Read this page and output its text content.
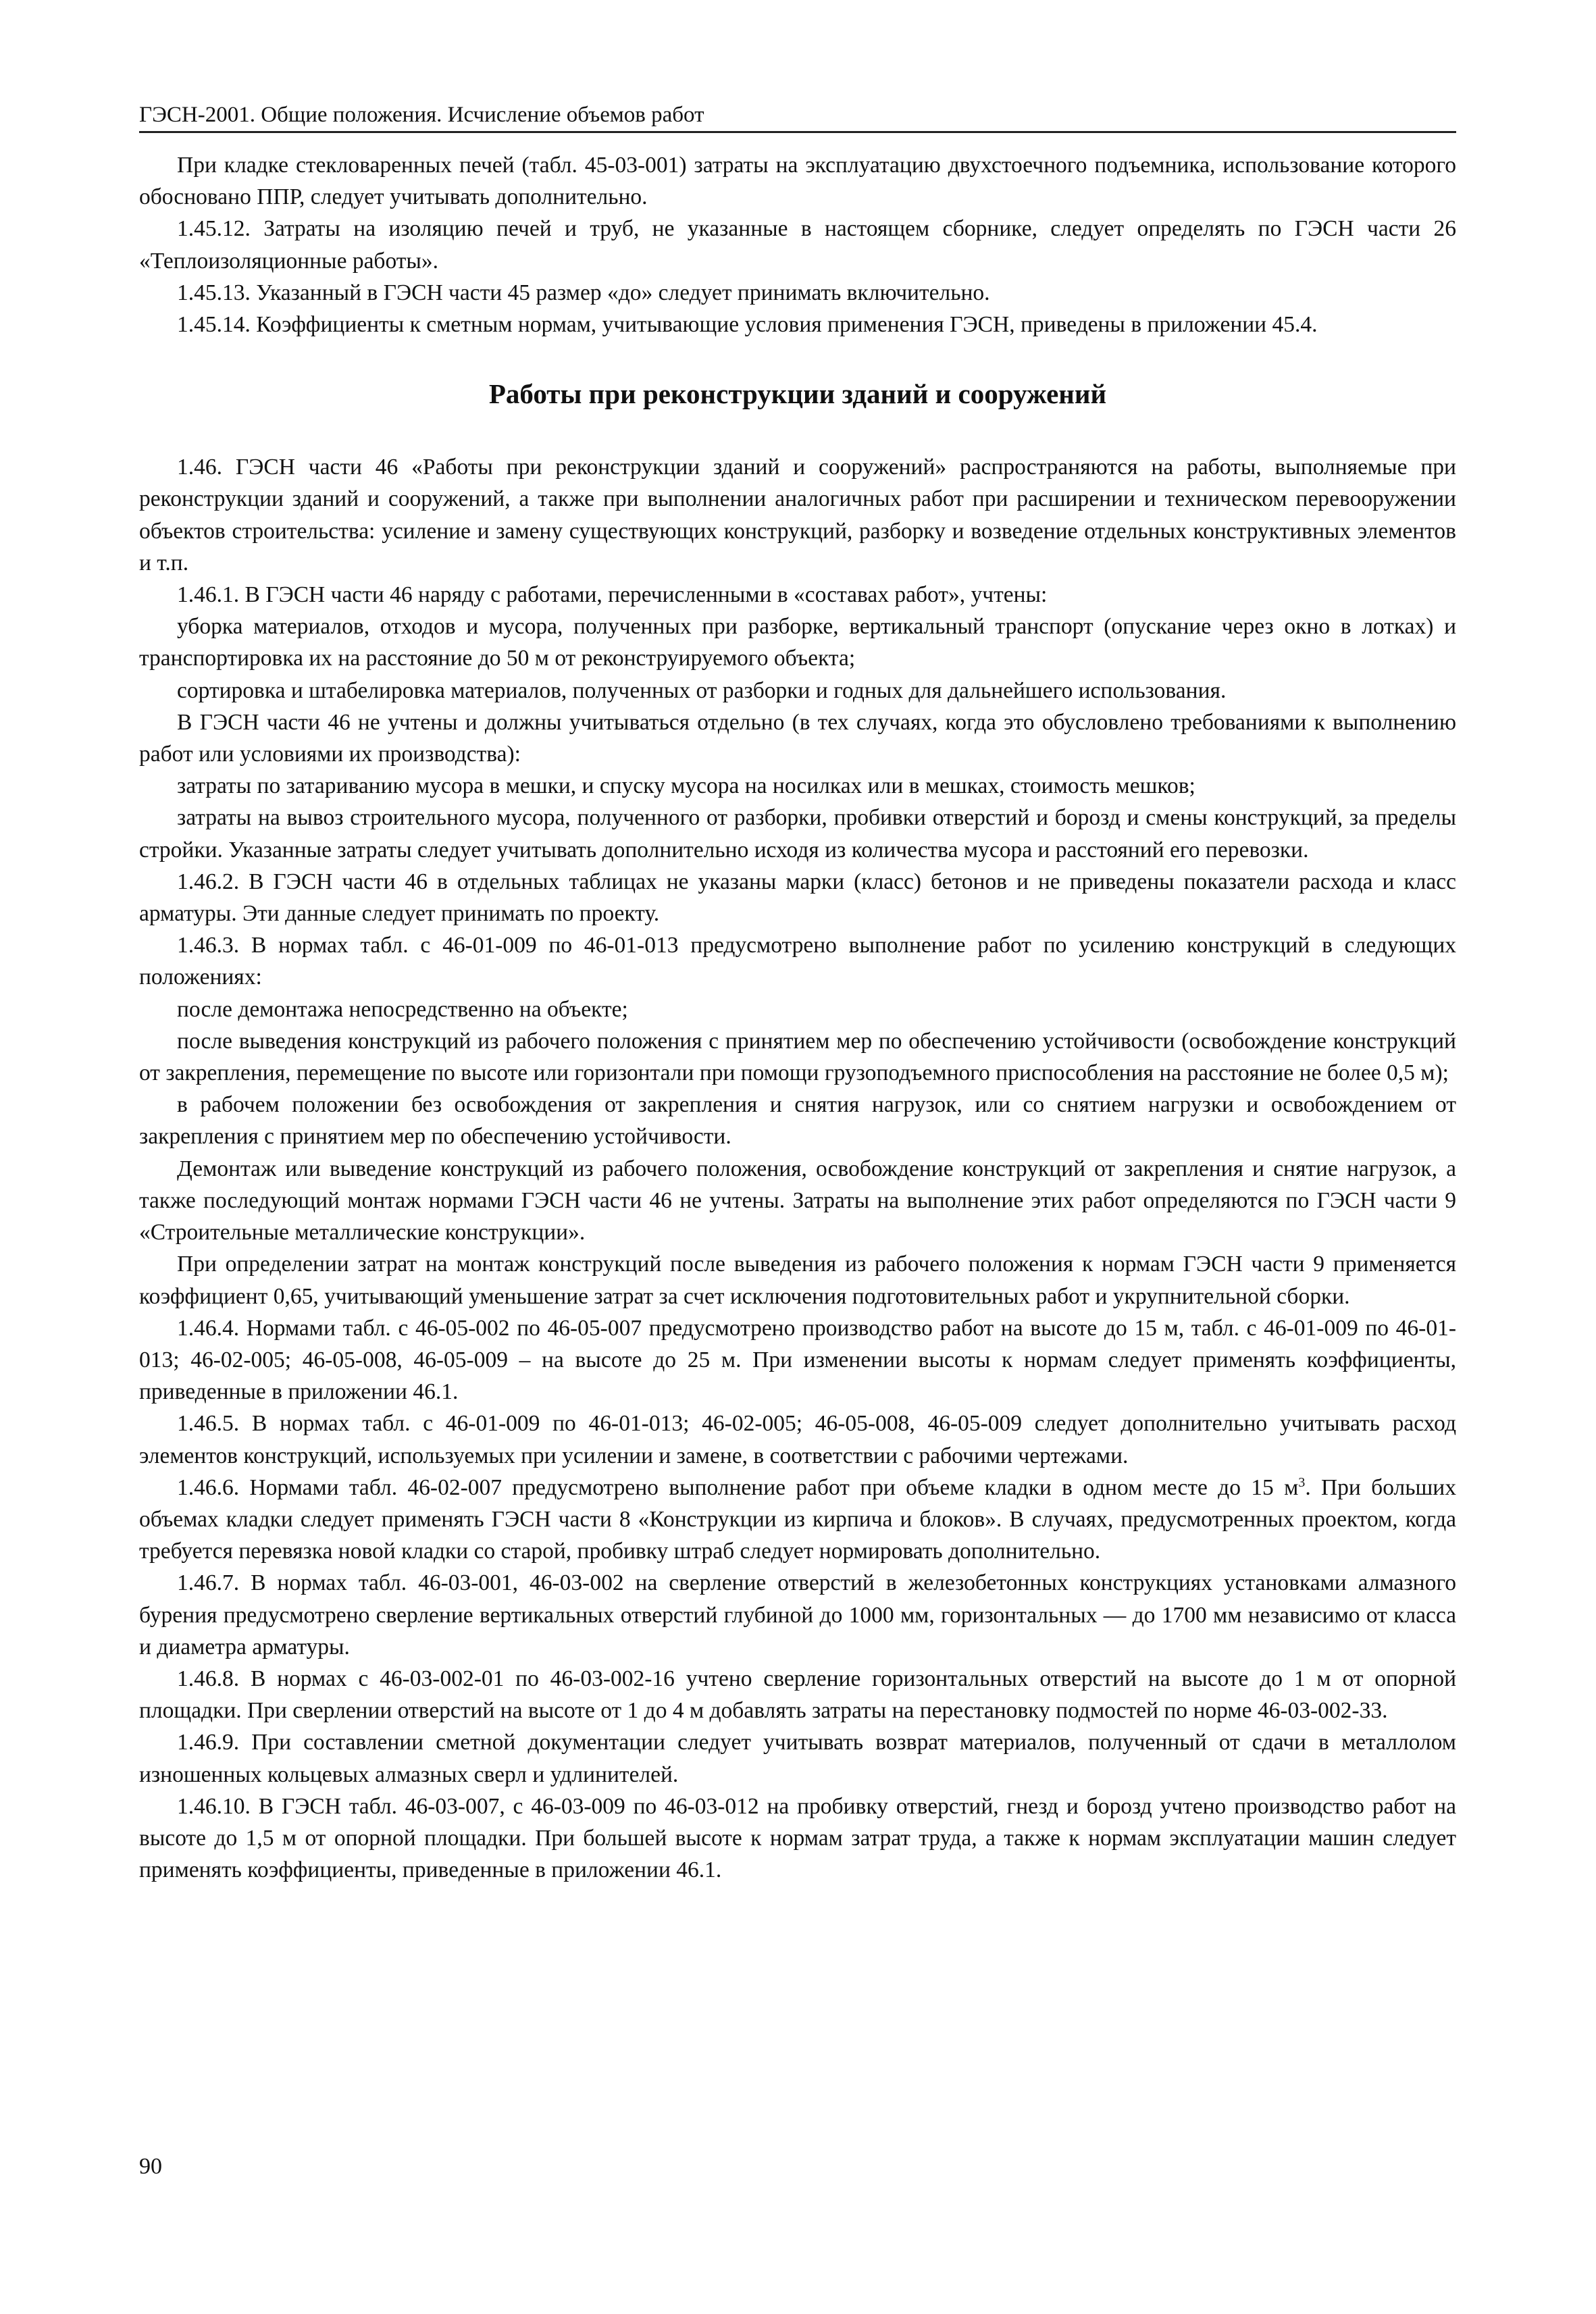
ГЭСН-2001. Общие положения. Исчисление объемов работ

При кладке стекловаренных печей (табл. 45-03-001) затраты на эксплуатацию двухстоечного подъемника, использование которого обосновано ППР, следует учитывать дополнительно.

1.45.12. Затраты на изоляцию печей и труб, не указанные в настоящем сборнике, следует определять по ГЭСН части 26 «Теплоизоляционные работы».

1.45.13. Указанный в ГЭСН части 45 размер «до» следует принимать включительно.

1.45.14. Коэффициенты к сметным нормам, учитывающие условия применения ГЭСН, приведены в приложении 45.4.

Работы при реконструкции зданий и сооружений

1.46. ГЭСН части 46 «Работы при реконструкции зданий и сооружений» распространяются на работы, выполняемые при реконструкции зданий и сооружений, а также при выполнении аналогичных работ при расширении и техническом перевооружении объектов строительства: усиление и замену существующих конструкций, разборку и возведение отдельных конструктивных элементов и т.п.

1.46.1. В ГЭСН части 46 наряду с работами, перечисленными в «составах работ», учтены:

уборка материалов, отходов и мусора, полученных при разборке, вертикальный транспорт (опускание через окно в лотках) и транспортировка их на расстояние до 50 м от реконструируемого объекта;

сортировка и штабелировка материалов, полученных от разборки и годных для дальнейшего использования.

В ГЭСН части 46 не учтены и должны учитываться отдельно (в тех случаях, когда это обусловлено требованиями к выполнению работ или условиями их производства):

затраты по затариванию мусора в мешки, и спуску мусора на носилках или в мешках, стоимость мешков;

затраты на вывоз строительного мусора, полученного от разборки, пробивки отверстий и борозд и смены конструкций, за пределы стройки. Указанные затраты следует учитывать дополнительно исходя из количества мусора и расстояний его перевозки.

1.46.2. В ГЭСН части 46 в отдельных таблицах не указаны марки (класс) бетонов и не приведены показатели расхода и класс арматуры. Эти данные следует принимать по проекту.

1.46.3. В нормах табл. с 46-01-009 по 46-01-013 предусмотрено выполнение работ по усилению конструкций в следующих положениях:

после демонтажа непосредственно на объекте;

после выведения конструкций из рабочего положения с принятием мер по обеспечению устойчивости (освобождение конструкций от закрепления, перемещение по высоте или горизонтали при помощи грузоподъемного приспособления на расстояние не более 0,5 м);

в рабочем положении без освобождения от закрепления и снятия нагрузок, или со снятием нагрузки и освобождением от закрепления с принятием мер по обеспечению устойчивости.

Демонтаж или выведение конструкций из рабочего положения, освобождение конструкций от закрепления и снятие нагрузок, а также последующий монтаж нормами ГЭСН части 46 не учтены. Затраты на выполнение этих работ определяются по ГЭСН части 9 «Строительные металлические конструкции».

При определении затрат на монтаж конструкций после выведения из рабочего положения к нормам ГЭСН части 9 применяется коэффициент 0,65, учитывающий уменьшение затрат за счет исключения подготовительных работ и укрупнительной сборки.

1.46.4. Нормами табл. с 46-05-002 по 46-05-007 предусмотрено производство работ на высоте до 15 м, табл. с 46-01-009 по 46-01-013; 46-02-005; 46-05-008, 46-05-009 – на высоте до 25 м. При изменении высоты к нормам следует применять коэффициенты, приведенные в приложении 46.1.

1.46.5. В нормах табл. с 46-01-009 по 46-01-013; 46-02-005; 46-05-008, 46-05-009 следует дополнительно учитывать расход элементов конструкций, используемых при усилении и замене, в соответствии с рабочими чертежами.

1.46.6. Нормами табл. 46-02-007 предусмотрено выполнение работ при объеме кладки в одном месте до 15 $м^3$. При больших объемах кладки следует применять ГЭСН части 8 «Конструкции из кирпича и блоков». В случаях, предусмотренных проектом, когда требуется перевязка новой кладки со старой, пробивку штраб следует нормировать дополнительно.

1.46.7. В нормах табл. 46-03-001, 46-03-002 на сверление отверстий в железобетонных конструкциях установками алмазного бурения предусмотрено сверление вертикальных отверстий глубиной до 1000 мм, горизонтальных — до 1700 мм независимо от класса и диаметра арматуры.

1.46.8. В нормах с 46-03-002-01 по 46-03-002-16 учтено сверление горизонтальных отверстий на высоте до 1 м от опорной площадки. При сверлении отверстий на высоте от 1 до 4 м добавлять затраты на перестановку подмостей по норме 46-03-002-33.

1.46.9. При составлении сметной документации следует учитывать возврат материалов, полученный от сдачи в металлолом изношенных кольцевых алмазных сверл и удлинителей.

1.46.10. В ГЭСН табл. 46-03-007, с 46-03-009 по 46-03-012 на пробивку отверстий, гнезд и борозд учтено производство работ на высоте до 1,5 м от опорной площадки. При большей высоте к нормам затрат труда, а также к нормам эксплуатации машин следует применять коэффициенты, приведенные в приложении 46.1.

90
